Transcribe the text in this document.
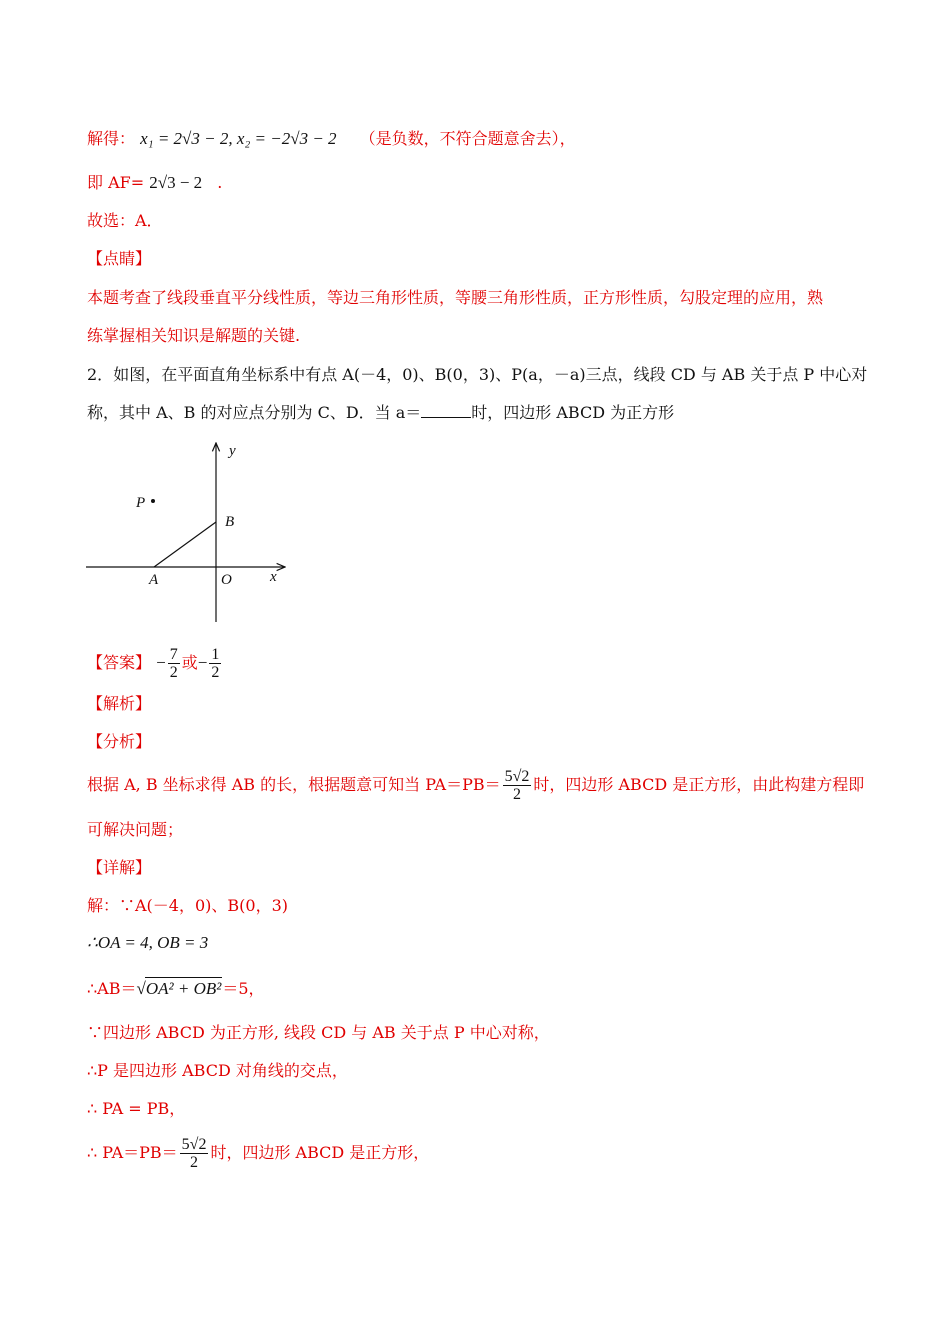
解得： x₁ = 2√3 − 2, x₂ = −2√3 − 2 （是负数，不符合题意舍去），
即 AF= 2√3 − 2 .
故选：A．
【点睛】
本题考查了线段垂直平分线性质，等边三角形性质，等腰三角形性质，正方形性质，勾股定理的应用，熟
练掌握相关知识是解题的关键.
2．如图，在平面直角坐标系中有点 A(－4，0)、B(0，3)、P(a，－a)三点，线段 CD 与 AB 关于点 P 中心对
称，其中 A、B 的对应点分别为 C、D．当 a＝	时，四边形 ABCD 为正方形
y
x
P
B
A	O
【答案】 − $\frac{7}{2}$ 或− $\frac{1}{2}$
【解析】
【分析】
根据 A, B 坐标求得 AB 的长，根据题意可知当 $PA=PB= \frac{5√2}{2}$ 时，四边形 ABCD 是正方形，由此构建方程即
可解决问题；
【详解】
解：∵A(－4，0)、B(0，3)
∴OA = 4, OB = 3
∴AB＝√OA² + OB²＝5，
∵四边形 ABCD 为正方形, 线段 CD 与 AB 关于点 P 中心对称，
∴P 是四边形 ABCD 对角线的交点，
∴ PA = PB，
∴ $PA=PB= \frac{5√2}{2}$ 时，四边形 ABCD 是正方形，
